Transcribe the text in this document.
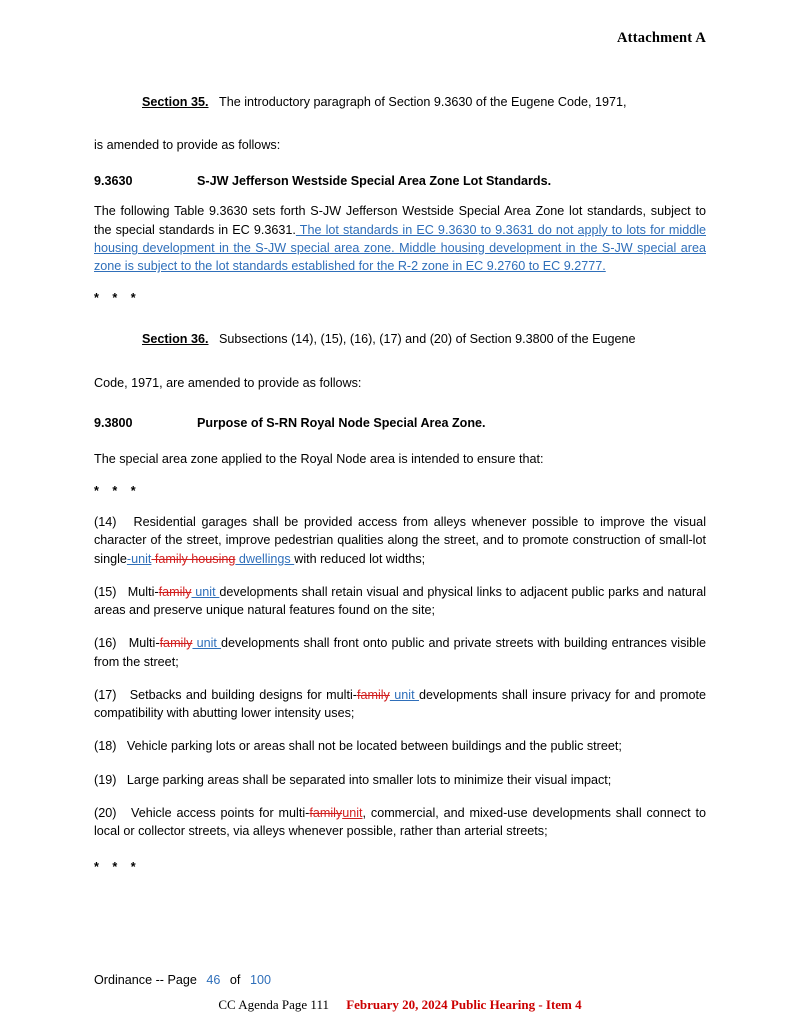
Attachment A

Section 35. The introductory paragraph of Section 9.3630 of the Eugene Code, 1971,

is amended to provide as follows:

9.3630	S-JW Jefferson Westside Special Area Zone Lot Standards.

The following Table 9.3630 sets forth S-JW Jefferson Westside Special Area Zone lot standards, subject to the special standards in EC 9.3631. The lot standards in EC 9.3630 to 9.3631 do not apply to lots for middle housing development in the S-JW special area zone. Middle housing development in the S-JW special area zone is subject to the lot standards established for the R-2 zone in EC 9.2760 to EC 9.2777.

* * *

Section 36. Subsections (14), (15), (16), (17) and (20) of Section 9.3800 of the Eugene

Code, 1971, are amended to provide as follows:

9.3800	Purpose of S-RN Royal Node Special Area Zone.

The special area zone applied to the Royal Node area is intended to ensure that:

* * *

(14)   Residential garages shall be provided access from alleys whenever possible to improve the visual character of the street, improve pedestrian qualities along the street, and to promote construction of small-lot single-unit family housing dwellings with reduced lot widths;

(15)   Multi-family unit developments shall retain visual and physical links to adjacent public parks and natural areas and preserve unique natural features found on the site;

(16)   Multi-family unit developments shall front onto public and private streets with building entrances visible from the street;

(17)   Setbacks and building designs for multi-family unit developments shall insure privacy for and promote compatibility with abutting lower intensity uses;

(18)   Vehicle parking lots or areas shall not be located between buildings and the public street;

(19)   Large parking areas shall be separated into smaller lots to minimize their visual impact;

(20)   Vehicle access points for multi-familyunit, commercial, and mixed-use developments shall connect to local or collector streets, via alleys whenever possible, rather than arterial streets;

* * *

Ordinance -- Page 46 of 100
CC Agenda Page 111 February 20, 2024 Public Hearing - Item 4
